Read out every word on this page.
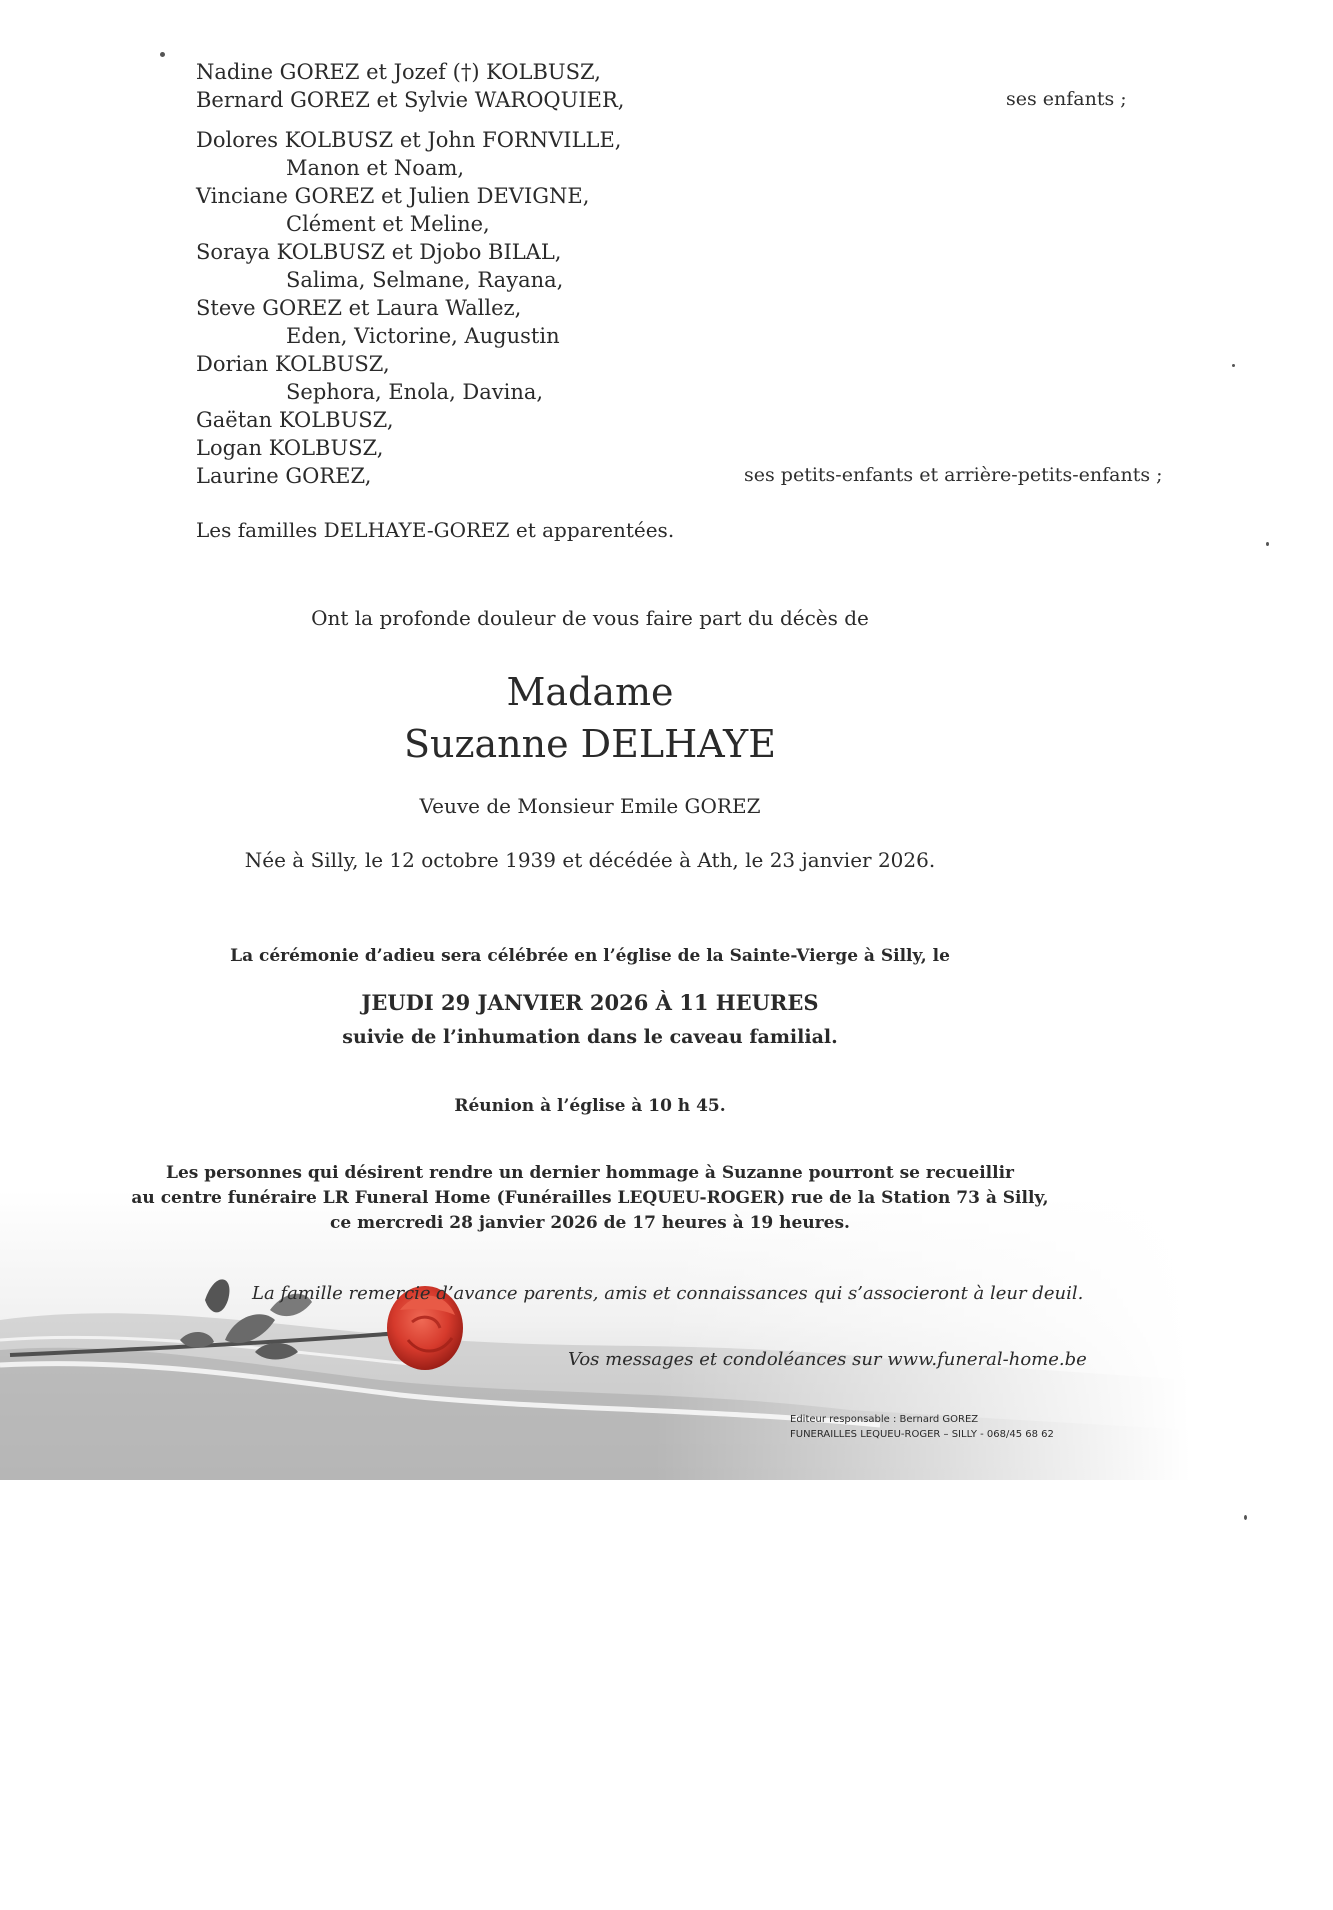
Nadine GOREZ et Jozef (†) KOLBUSZ,
Bernard GOREZ et Sylvie WAROQUIER,	ses enfants ;
Dolores KOLBUSZ et John FORNVILLE,
Manon et Noam,
Vinciane GOREZ et Julien DEVIGNE,
Clément et Meline,
Soraya KOLBUSZ et Djobo BILAL,
Salima, Selmane, Rayana,
Steve GOREZ et Laura Wallez,
Eden, Victorine, Augustin
Dorian KOLBUSZ,
Sephora, Enola, Davina,
Gaëtan KOLBUSZ,
Logan KOLBUSZ,
Laurine GOREZ,	ses petits-enfants et arrière-petits-enfants ;
Les familles DELHAYE-GOREZ et apparentées.
Ont la profonde douleur de vous faire part du décès de
Madame
Suzanne DELHAYE
Veuve de Monsieur Emile GOREZ
Née à Silly, le 12 octobre 1939 et décédée à Ath, le 23 janvier 2026.
La cérémonie d’adieu sera célébrée en l’église de la Sainte-Vierge à Silly, le
JEUDI 29 JANVIER 2026 À 11 HEURES
suivie de l’inhumation dans le caveau familial.
Réunion à l’église à 10 h 45.
Les personnes qui désirent rendre un dernier hommage à Suzanne pourront se recueillir
au centre funéraire LR Funeral Home (Funérailles LEQUEU-ROGER) rue de la Station 73 à Silly,
ce mercredi 28 janvier 2026 de 17 heures à 19 heures.
La famille remercie d’avance parents, amis et connaissances qui s’associeront à leur deuil.
Vos messages et condoléances sur www.funeral-home.be
Editeur responsable : Bernard GOREZ
FUNERAILLES LEQUEU-ROGER – SILLY - 068/45 68 62
